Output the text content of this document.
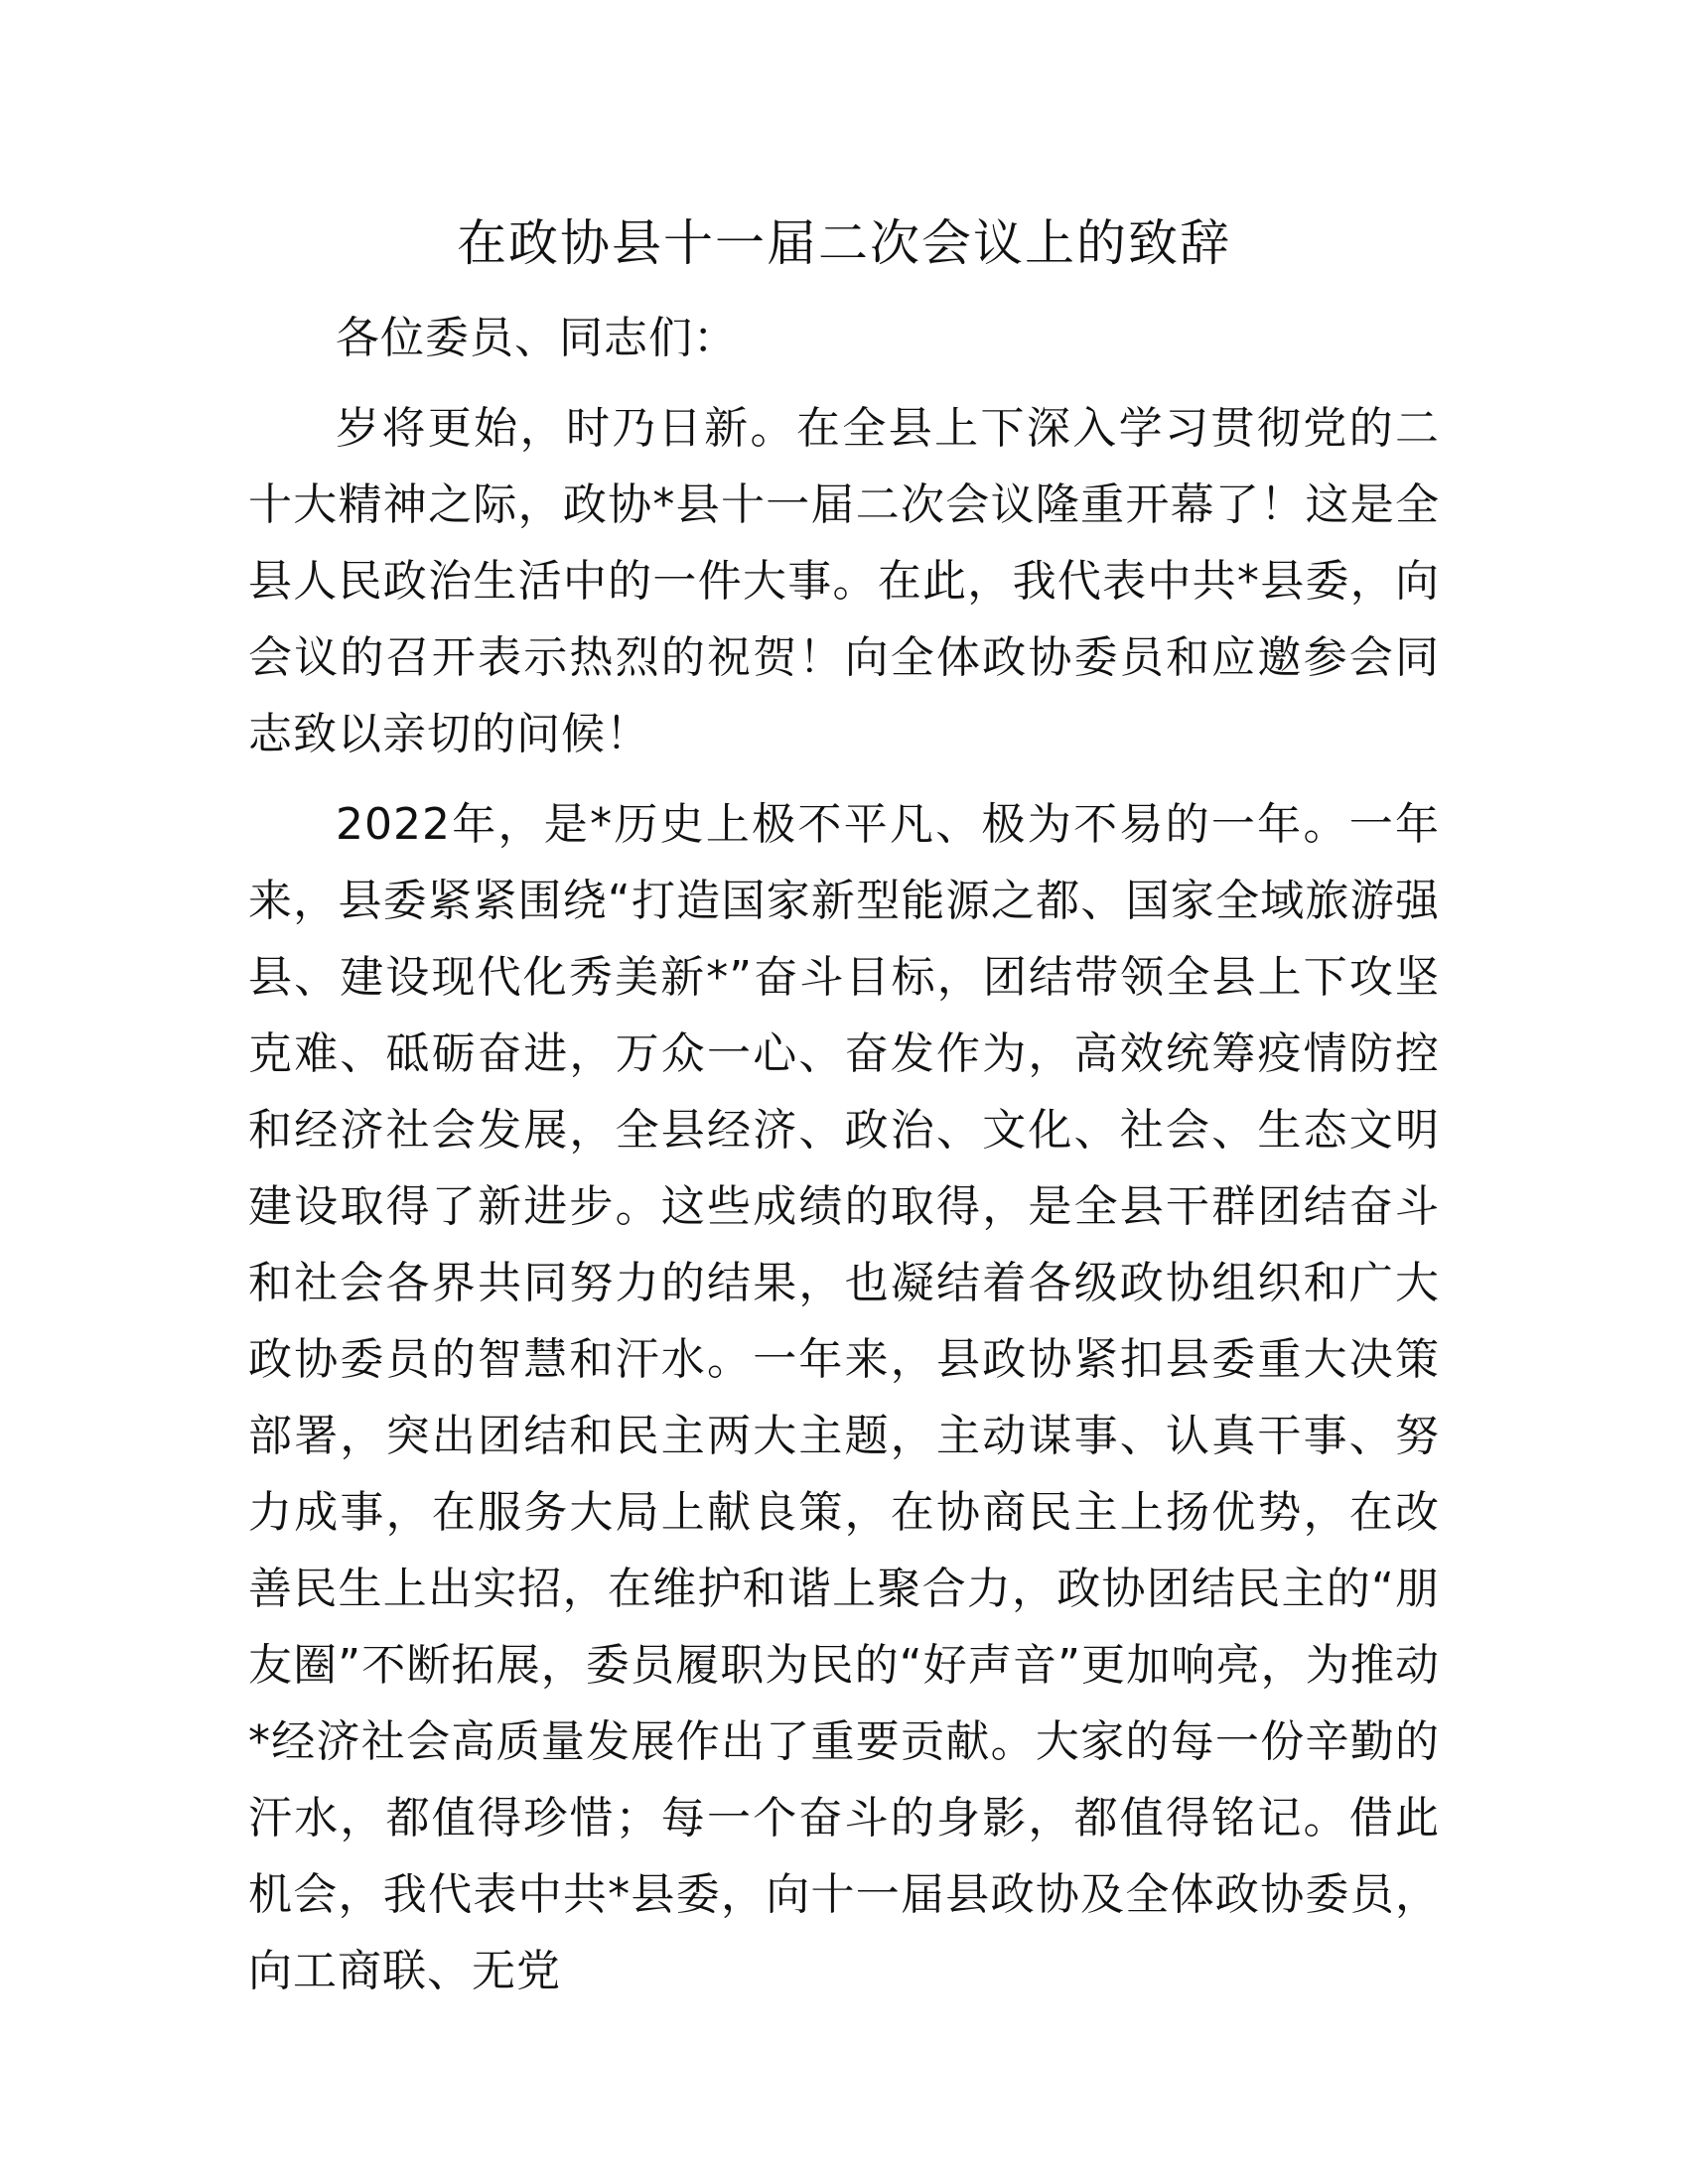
在政协县十一届二次会议上的致辞

各位委员、同志们：

岁将更始，时乃日新。在全县上下深入学习贯彻党的二十大精神之际，政协*县十一届二次会议隆重开幕了！这是全县人民政治生活中的一件大事。在此，我代表中共*县委，向会议的召开表示热烈的祝贺！向全体政协委员和应邀参会同志致以亲切的问候！

2022年，是*历史上极不平凡、极为不易的一年。一年来，县委紧紧围绕“打造国家新型能源之都、国家全域旅游强县、建设现代化秀美新*”奋斗目标，团结带领全县上下攻坚克难、砥砺奋进，万众一心、奋发作为，高效统筹疫情防控和经济社会发展，全县经济、政治、文化、社会、生态文明建设取得了新进步。这些成绩的取得，是全县干群团结奋斗和社会各界共同努力的结果，也凝结着各级政协组织和广大政协委员的智慧和汗水。一年来，县政协紧扣县委重大决策部署，突出团结和民主两大主题，主动谋事、认真干事、努力成事，在服务大局上献良策，在协商民主上扬优势，在改善民生上出实招，在维护和谐上聚合力，政协团结民主的“朋友圈”不断拓展，委员履职为民的“好声音”更加响亮，为推动*经济社会高质量发展作出了重要贡献。大家的每一份辛勤的汗水，都值得珍惜；每一个奋斗的身影，都值得铭记。借此机会，我代表中共*县委，向十一届县政协及全体政协委员，向工商联、无党
